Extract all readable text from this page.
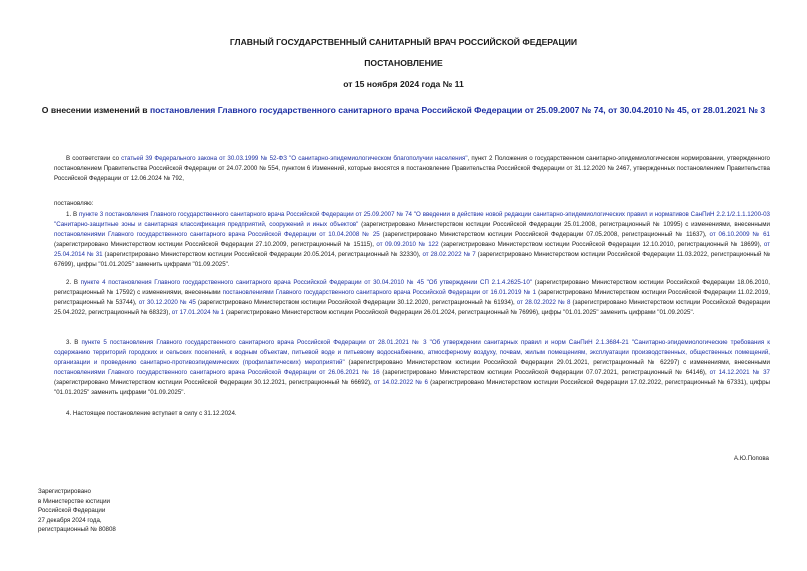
ГЛАВНЫЙ ГОСУДАРСТВЕННЫЙ САНИТАРНЫЙ ВРАЧ РОССИЙСКОЙ ФЕДЕРАЦИИ
ПОСТАНОВЛЕНИЕ
от 15 ноября 2024 года № 11
О внесении изменений в постановления Главного государственного санитарного врача Российской Федерации от 25.09.2007 № 74, от 30.04.2010 № 45, от 28.01.2021 № 3
В соответствии со статьей 39 Федерального закона от 30.03.1999 № 52-ФЗ "О санитарно-эпидемиологическом благополучии населения", пункт 2 Положения о государственном санитарно-эпидемиологическом нормировании, утвержденного постановлением Правительства Российской Федерации от 24.07.2000 № 554, пунктом 6 Изменений, которые вносятся в постановление Правительства Российской Федерации от 31.12.2020 № 2467, утвержденных постановлением Правительства Российской Федерации от 12.06.2024 № 792,
постановляю:
1. В пункте 3 постановления Главного государственного санитарного врача Российской Федерации от 25.09.2007 № 74 "О введении в действие новой редакции санитарно-эпидемиологических правил и нормативов СанПиН 2.2.1/2.1.1.1200-03 "Санитарно-защитные зоны и санитарная классификация предприятий, сооружений и иных объектов" (зарегистрировано Министерством юстиции Российской Федерации 25.01.2008, регистрационный № 10995) с изменениями, внесенными постановлениями Главного государственного санитарного врача Российской Федерации от 10.04.2008 № 25 (зарегистрировано Министерством юстиции Российской Федерации 07.05.2008, регистрационный № 11637), от 06.10.2009 № 61 (зарегистрировано Министерством юстиции Российской Федерации 27.10.2009, регистрационный № 15115), от 09.09.2010 № 122 (зарегистрировано Министерством юстиции Российской Федерации 12.10.2010, регистрационный № 18699), от 25.04.2014 № 31 (зарегистрировано Министерством юстиции Российской Федерации 20.05.2014, регистрационный № 32330), от 28.02.2022 № 7 (зарегистрировано Министерством юстиции Российской Федерации 11.03.2022, регистрационный № 67699), цифры "01.01.2025" заменить цифрами "01.09.2025".
2. В пункте 4 постановления Главного государственного санитарного врача Российской Федерации от 30.04.2010 № 45 "Об утверждении СП 2.1.4.2625-10" (зарегистрировано Министерством юстиции Российской Федерации 18.06.2010, регистрационный № 17592) с изменениями, внесенными постановлениями Главного государственного санитарного врача Российской Федерации от 16.01.2019 № 1 (зарегистрировано Министерством юстиции Российской Федерации 11.02.2019, регистрационный № 53744), от 30.12.2020 № 45 (зарегистрировано Министерством юстиции Российской Федерации 30.12.2020, регистрационный № 61934), от 28.02.2022 № 8 (зарегистрировано Министерством юстиции Российской Федерации 25.04.2022, регистрационный № 68323), от 17.01.2024 № 1 (зарегистрировано Министерством юстиции Российской Федерации 26.01.2024, регистрационный № 76996), цифры "01.01.2025" заменить цифрами "01.09.2025".
3. В пункте 5 постановления Главного государственного санитарного врача Российской Федерации от 28.01.2021 № 3 "Об утверждении санитарных правил и норм СанПиН 2.1.3684-21 "Санитарно-эпидемиологические требования к содержанию территорий городских и сельских поселений, к водным объектам, питьевой воде и питьевому водоснабжению, атмосферному воздуху, почвам, жилым помещениям, эксплуатации производственных, общественных помещений, организации и проведению санитарно-противоэпидемических (профилактических) мероприятий" (зарегистрировано Министерством юстиции Российской Федерации 29.01.2021, регистрационный № 62297) с изменениями, внесенными постановлениями Главного государственного санитарного врача Российской Федерации от 26.06.2021 № 16 (зарегистрировано Министерством юстиции Российской Федерации 07.07.2021, регистрационный № 64146), от 14.12.2021 № 37 (зарегистрировано Министерством юстиции Российской Федерации 30.12.2021, регистрационный № 66692), от 14.02.2022 № 6 (зарегистрировано Министерством юстиции Российской Федерации 17.02.2022, регистрационный № 67331), цифры "01.01.2025" заменить цифрами "01.09.2025".
4. Настоящее постановление вступает в силу с 31.12.2024.
А.Ю.Попова
Зарегистрировано
в Министерстве юстиции
Российской Федерации
27 декабря 2024 года,
регистрационный № 80808
